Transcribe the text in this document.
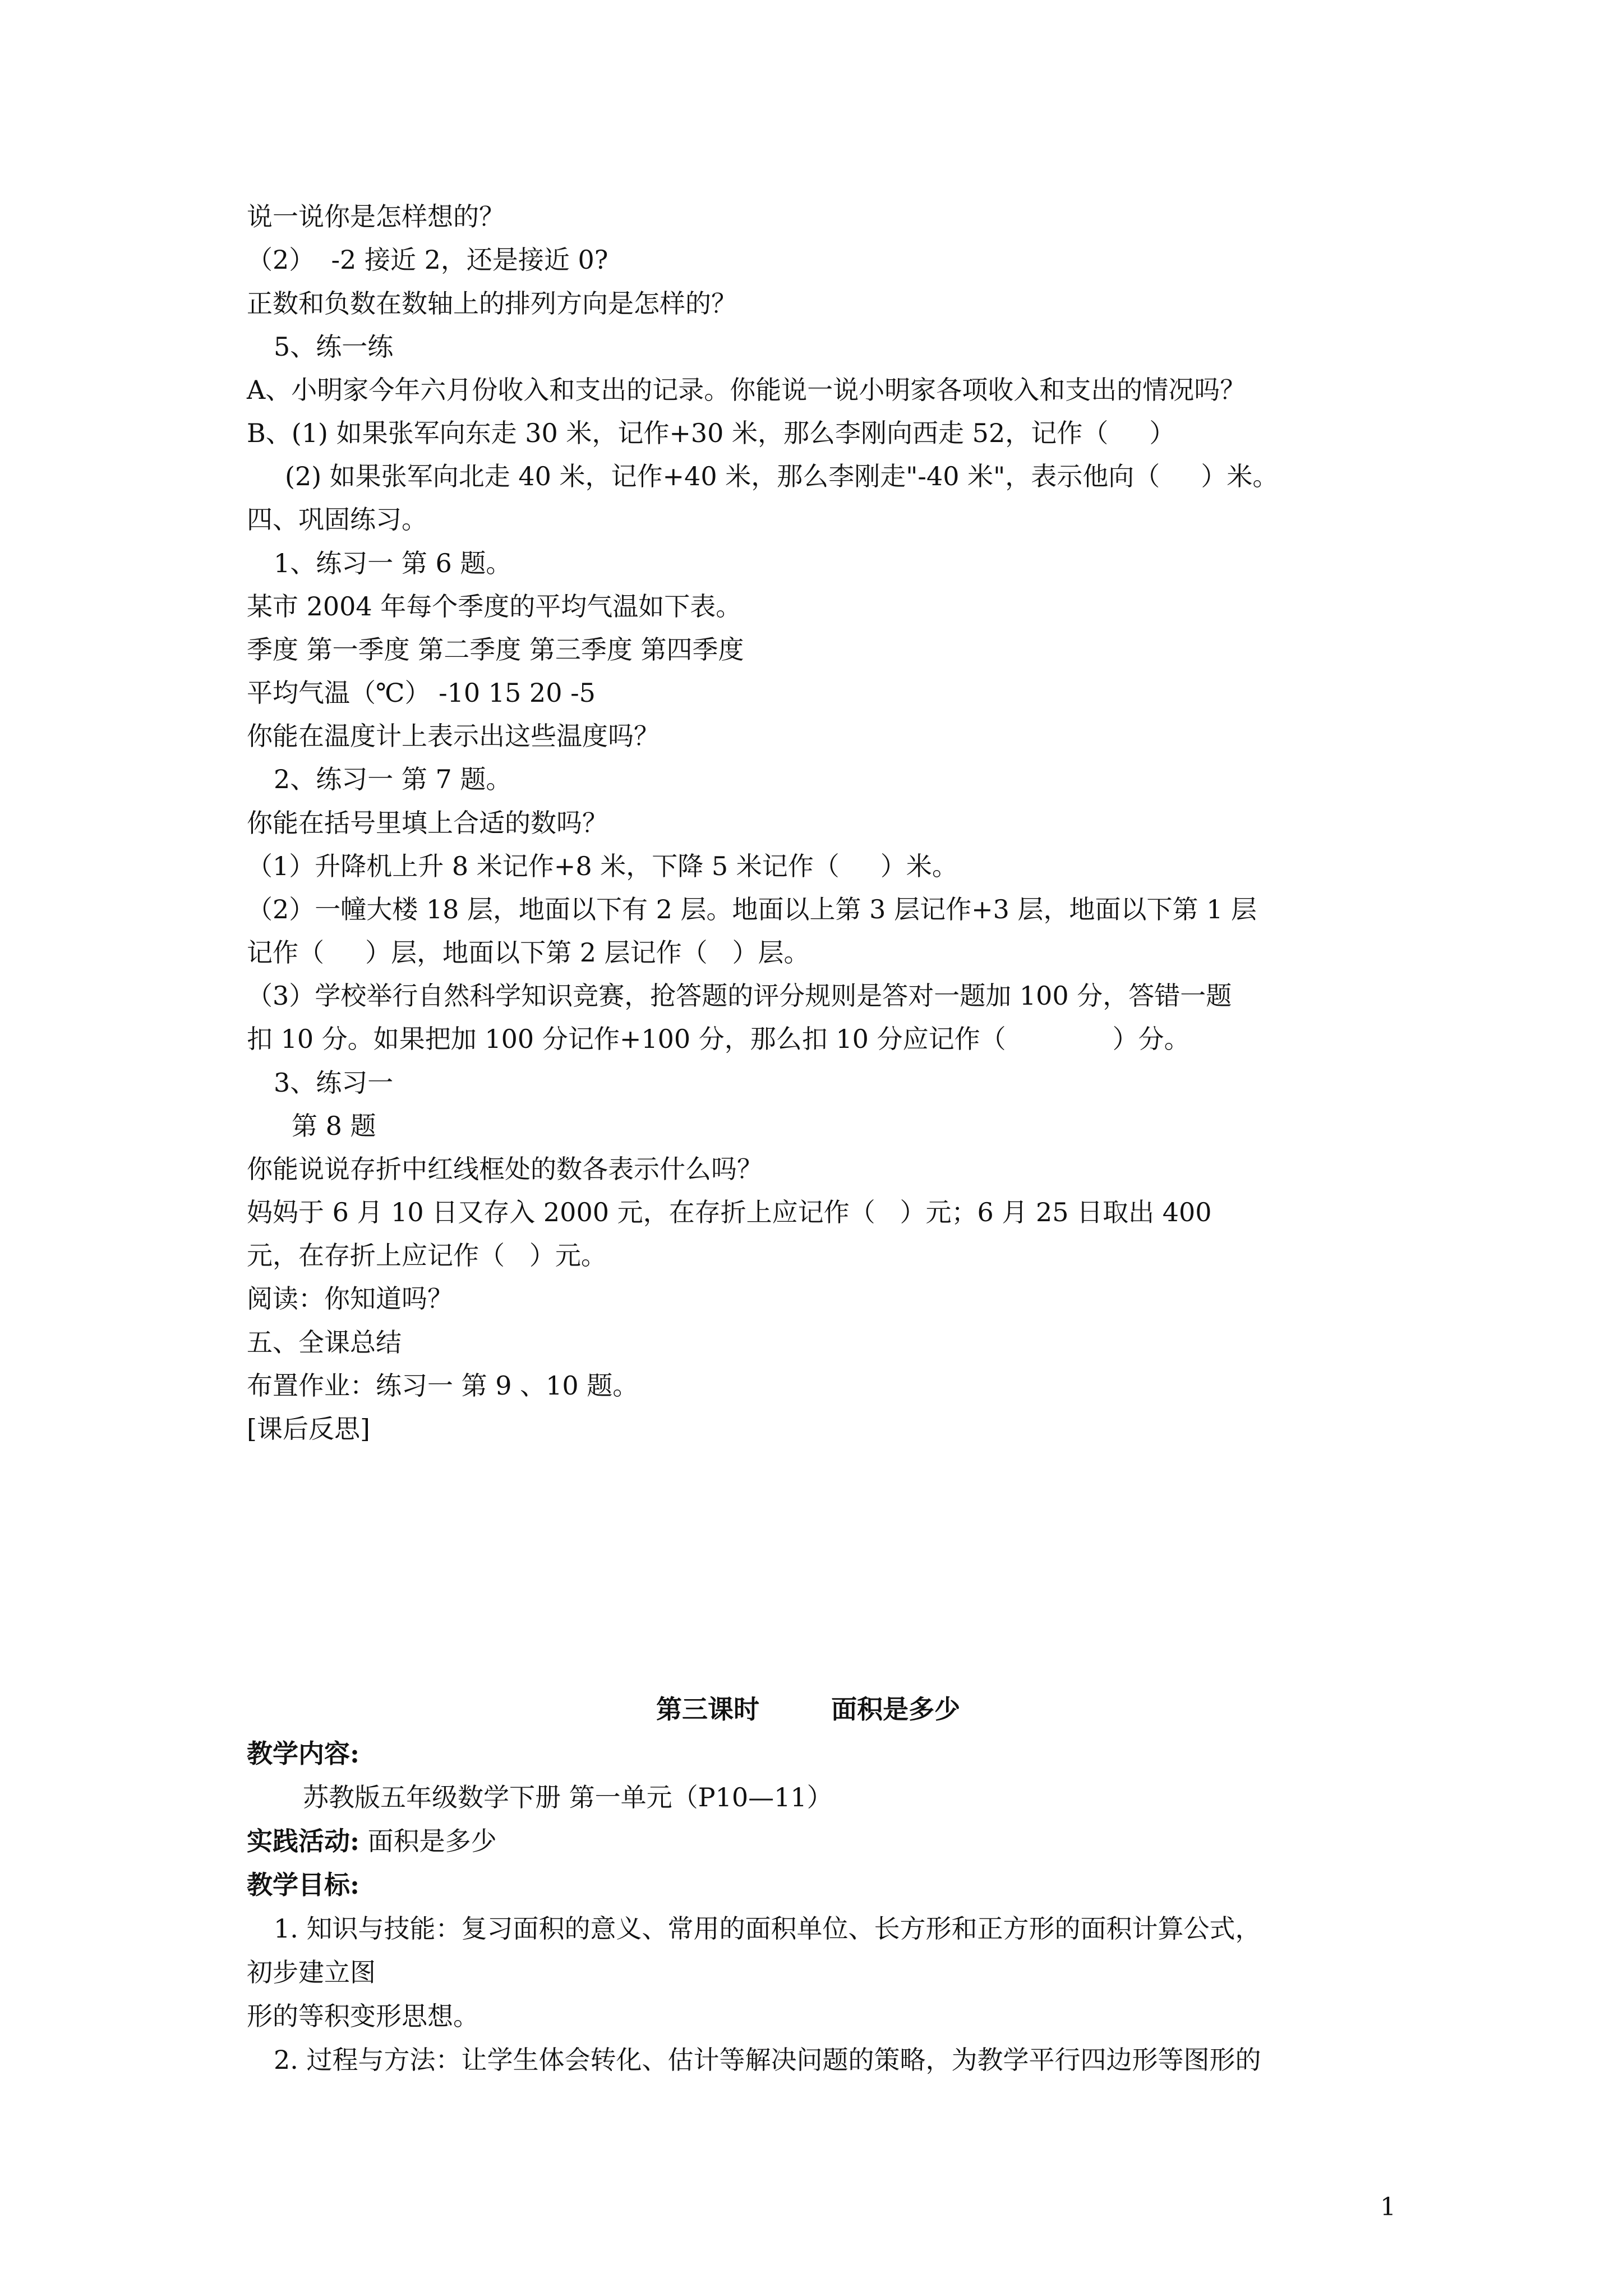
说一说你是怎样想的？
（2）  -2 接近 2，还是接近 0?
正数和负数在数轴上的排列方向是怎样的？
5、练一练
A、小明家今年六月份收入和支出的记录。你能说一说小明家各项收入和支出的情况吗？
B、(1) 如果张军向东走 30 米，记作+30 米，那么李刚向西走 52，记作（     ）
(2) 如果张军向北走 40 米，记作+40 米，那么李刚走"-40 米"，表示他向（     ）米。
四、巩固练习。
1、练习一 第 6 题。
某市 2004 年每个季度的平均气温如下表。
季度 第一季度 第二季度 第三季度 第四季度
平均气温（℃） -10 15 20 -5
你能在温度计上表示出这些温度吗？
2、练习一 第 7 题。
你能在括号里填上合适的数吗？
（1）升降机上升 8 米记作+8 米，下降 5 米记作（     ）米。
（2）一幢大楼 18 层，地面以下有 2 层。地面以上第 3 层记作+3 层，地面以下第 1 层
记作（     ）层，地面以下第 2 层记作（   ）层。
（3）学校举行自然科学知识竞赛，抢答题的评分规则是答对一题加 100 分，答错一题
扣 10 分。如果把加 100 分记作+100 分，那么扣 10 分应记作（             ）分。
3、练习一
第 8 题
你能说说存折中红线框处的数各表示什么吗？
妈妈于 6 月 10 日又存入 2000 元，在存折上应记作（   ）元；6 月 25 日取出 400
元，在存折上应记作（   ）元。
阅读：你知道吗？
五、全课总结
布置作业：练习一 第 9 、10 题。
[课后反思]
第三课时        面积是多少
教学内容:
苏教版五年级数学下册 第一单元（P10—11）
实践活动: 面积是多少
教学目标:
1. 知识与技能：复习面积的意义、常用的面积单位、长方形和正方形的面积计算公式，
初步建立图
形的等积变形思想。
2. 过程与方法：让学生体会转化、估计等解决问题的策略，为教学平行四边形等图形的
1
